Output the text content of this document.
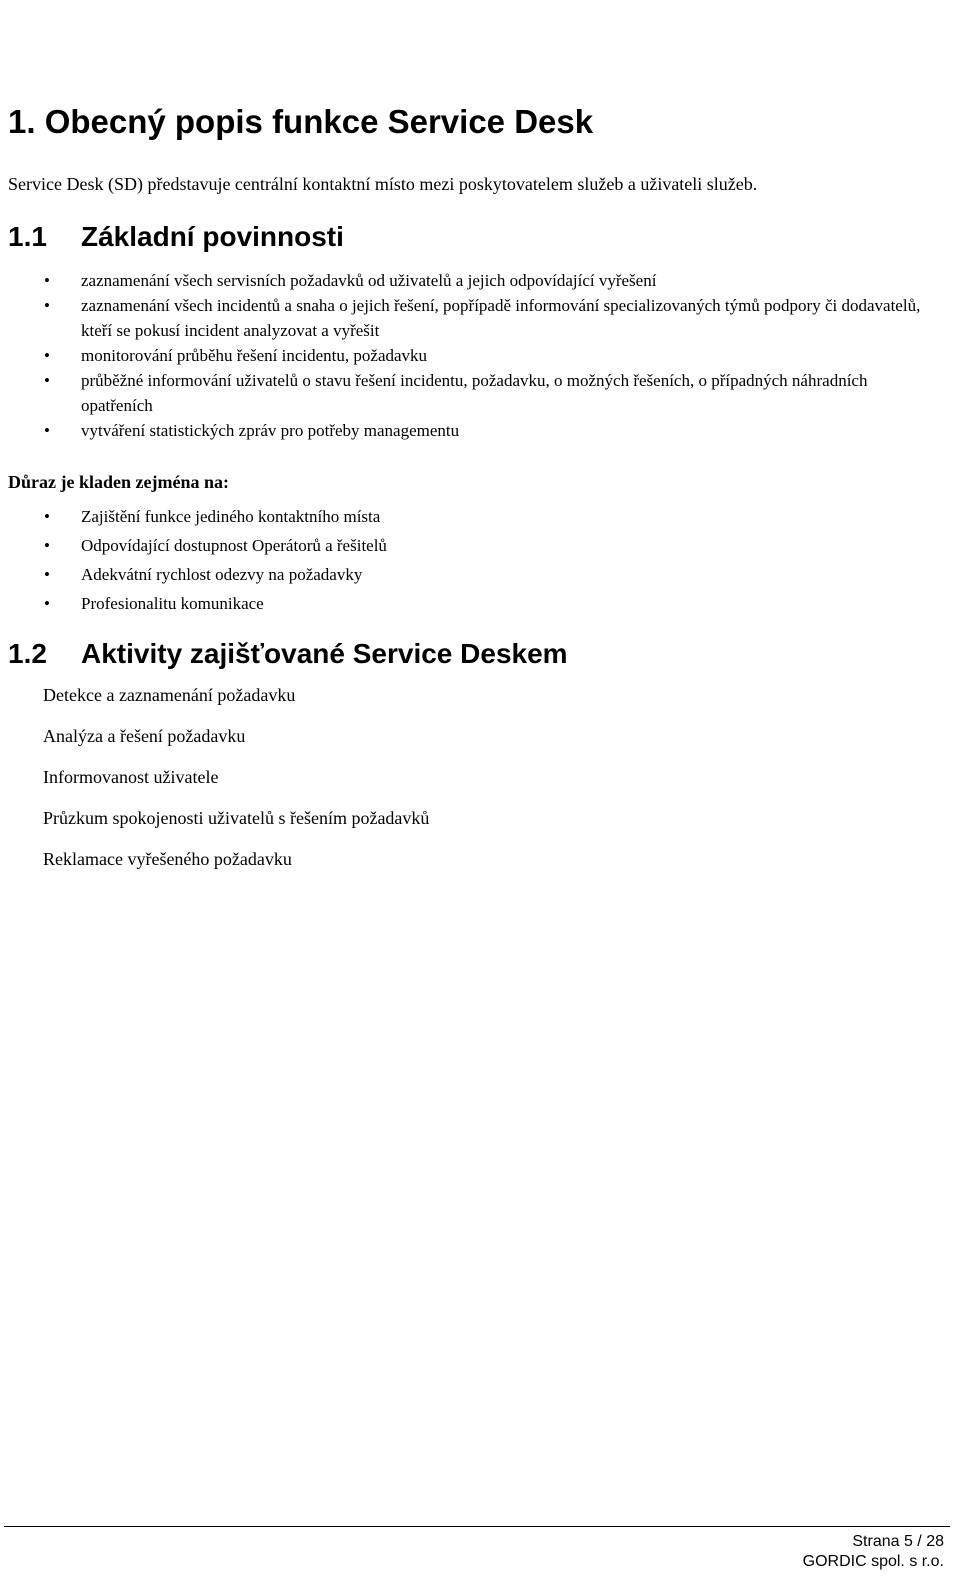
1. Obecný popis funkce Service Desk

Service Desk (SD) představuje centrální kontaktní místo mezi poskytovatelem služeb a uživateli služeb.

1.1 Základní povinnosti
• zaznamenání všech servisních požadavků od uživatelů a jejich odpovídající vyřešení
• zaznamenání všech incidentů a snaha o jejich řešení, popřípadě informování specializovaných týmů podpory či dodavatelů, kteří se pokusí incident analyzovat a vyřešit
• monitorování průběhu řešení incidentu, požadavku
• průběžné informování uživatelů o stavu řešení incidentu, požadavku, o možných řešeních, o případných náhradních opatřeních
• vytváření statistických zpráv pro potřeby managementu

Důraz je kladen zejména na:

• Zajištění funkce jediného kontaktního místa
• Odpovídající dostupnost Operátorů a řešitelů
• Adekvátní rychlost odezvy na požadavky
• Profesionalitu komunikace
1.2 Aktivity zajišťované Service Deskem
Detekce a zaznamenání požadavku
Analýza a řešení požadavku
Informovanost uživatele
Průzkum spokojenosti uživatelů s řešením požadavků
Reklamace vyřešeného požadavku
Strana 5 / 28
GORDIC spol. s r.o.
